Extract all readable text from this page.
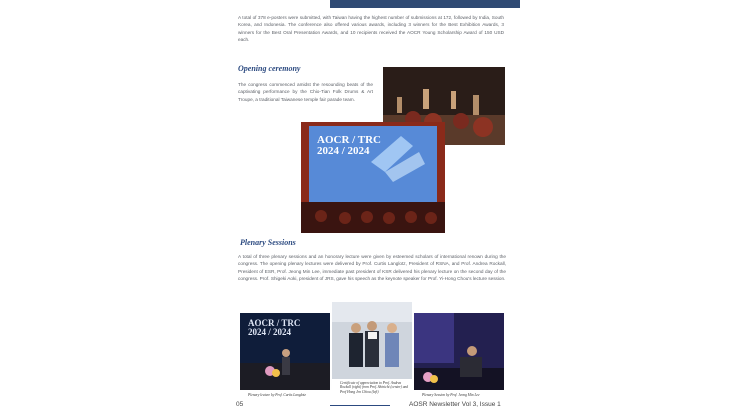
A total of 378 e-posters were submitted, with Taiwan having the highest number of submissions at 172, followed by India, South Korea, and Indonesia. The conference also offered various awards, including 3 winners for the Best Exhibition Awards, 3 winners for the Best Oral Presentation Awards, and 10 recipients received the AOCR Young Scholarship Award of 150 USD each.
Opening ceremony
The congress commenced amidst the resounding beats of the captivating performance by the Chio-Tian Folk Drums & Art Troupe, a traditional Taiwanese temple fair parade team.
AOCR / TRC
2024 / 2024
Plenary Sessions
A total of three plenary sessions and an honorary lecture were given by esteemed scholars of international renown during the congress. The opening plenary lectures were delivered by Prof. Curtis Langlotz, President of RSNA, and Prof. Andrea Rockall, President of ESR, Prof. Jeong Min Lee, immediate past president of KSR delivered his plenary lecture on the second day of the congress. Prof. Shigeki Aoki, president of JRS, gave his speech as the keynote speaker for Prof. Yi-Hong Chou's lecture session.
AOCR / TRC
2024 / 2024
Plenary lecture by Prof. Curtis Langlotz
Certificate of appreciation to Prof. Andrea Rockall (right) from Prof. Shinichi (center) and Prof Hong Jen Chiou (left)
Plenary Session by Prof. Jeong Min Lee
05	AOSR Newsletter Vol 3, Issue 1
